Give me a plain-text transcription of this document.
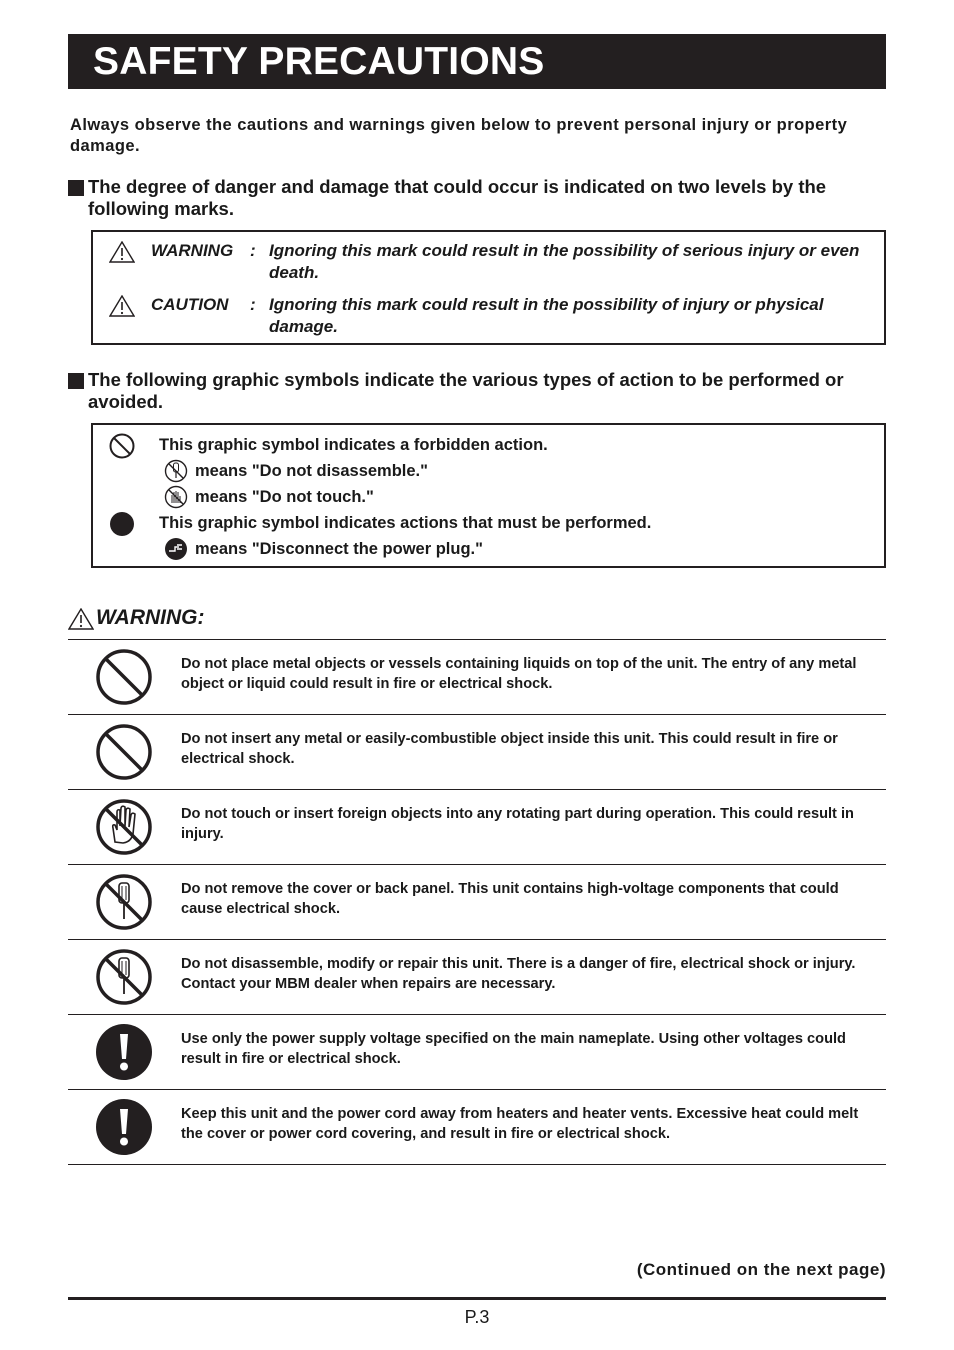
SAFETY PRECAUTIONS
Always observe the cautions and warnings given below to prevent personal injury or property damage.
The degree of danger and damage that could occur is indicated on two levels by the following marks.
WARNING : Ignoring this mark could result in the possibility of serious injury or even death.
CAUTION : Ignoring this mark could result in the possibility of injury or physical damage.
The following graphic symbols indicate the various types of action to be performed or avoided.
This graphic symbol indicates a forbidden action.
means "Do not disassemble."
means "Do not touch."
This graphic symbol indicates actions that must be performed.
means "Disconnect the power plug."
WARNING:
Do not place metal objects or vessels containing liquids on top of the unit. The entry of any metal object or liquid could result in fire or electrical shock.
Do not insert any metal or easily-combustible object inside this unit. This could result in fire or electrical shock.
Do not touch or insert foreign objects into any rotating part during operation. This could result in injury.
Do not remove the cover or back panel. This unit contains high-voltage components that could cause electrical shock.
Do not disassemble, modify or repair this unit. There is a danger of fire, electrical shock or injury. Contact your MBM dealer when repairs are necessary.
Use only the power supply voltage specified on the main nameplate. Using other voltages could result in fire or electrical shock.
Keep this unit and the power cord away from heaters and heater vents. Excessive heat could melt the cover or power cord covering, and result in fire or electrical shock.
(Continued on the next page)
P.3
